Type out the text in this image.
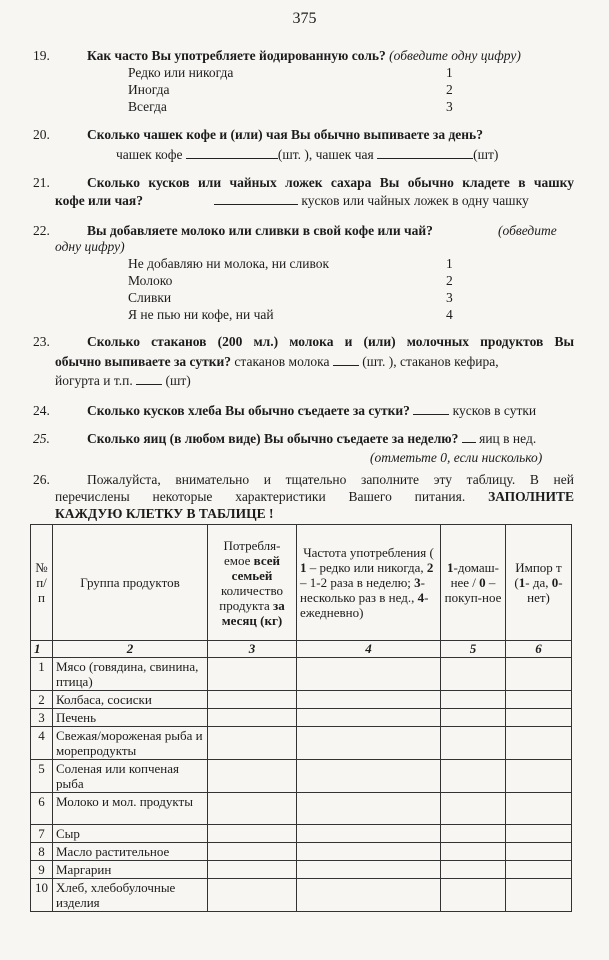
375
19.	Как часто Вы употребляете йодированную соль? (обведите одну цифру)
Редко или никогда	1
Иногда	2
Всегда	3
20.	Сколько чашек кофе и (или) чая Вы обычно выпиваете за день?
чашек кофе	(шт. ), чашек чая	(шт)
21.	Сколько кусков или чайных ложек сахара Вы обычно кладете в чашку
кофе или чая?	кусков или чайных ложек в одну чашку
22.	Вы добавляете молоко или сливки в свой кофе или чай?	(обведите
одну цифру)
Не добавляю ни молока, ни сливок	1
Молоко	2
Сливки	3
Я не пью ни кофе, ни чай	4
23.	Сколько стаканов (200 мл.) молока и (или) молочных продуктов Вы
обычно выпиваете за сутки? стаканов молока (шт. ), стаканов кефира,
йогурта и т.п. (шт)
24.	Сколько кусков хлеба Вы обычно съедаете за сутки?	кусков в сутки
25.	Сколько яиц (в любом виде) Вы обычно съедаете за неделю? яиц в нед.
(отметьте 0, если нисколько)
26.	Пожалуйста, внимательно и тщательно заполните эту таблицу. В ней
перечислены некоторые характеристики Вашего питания. ЗАПОЛНИТЕ
КАЖДУЮ КЛЕТКУ В ТАБЛИЦЕ !
№ п/п	Группа продуктов	Потребля-емое всей семьей количество продукта за месяц (кг)	Частота употребления (
1 – редко или никогда, 2 – 1-2 раза в неделю; 3-несколько раз в нед., 4-ежедневно)	1-домаш-нее / 0 – покуп-ное	Импор т (1- да, 0-нет)
1	2	3	4	5	6
1	Мясо (говядина, свинина, птица)				
2	Колбаса, сосиски				
3	Печень				
4	Свежая/мороженая рыба и морепродукты				
5	Соленая или копченая рыба				
6	Молоко и мол. продукты				
7	Сыр				
8	Масло растительное				
9	Маргарин				
10	Хлеб, хлебобулочные изделия				
